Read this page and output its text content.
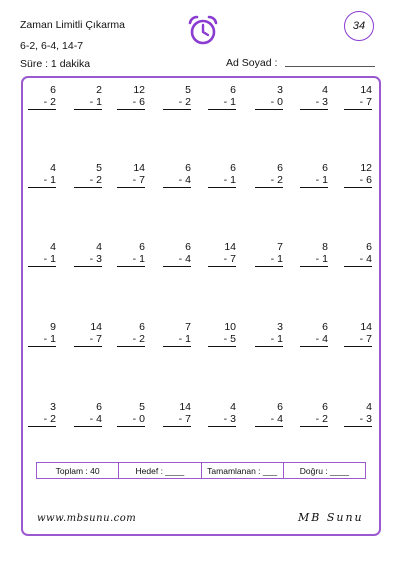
Zaman Limitli Çıkarma
6-2, 6-4, 14-7
Süre : 1 dakika
34
Ad Soyad :
6
- 2
2
- 1
12
- 6
5
- 2
6
- 1
3
- 0
4
- 3
14
- 7
4
- 1
5
- 2
14
- 7
6
- 4
6
- 1
6
- 2
6
- 1
12
- 6
4
- 1
4
- 3
6
- 1
6
- 4
14
- 7
7
- 1
8
- 1
6
- 4
9
- 1
14
- 7
6
- 2
7
- 1
10
- 5
3
- 1
6
- 4
14
- 7
3
- 2
6
- 4
5
- 0
14
- 7
4
- 3
6
- 4
6
- 2
4
- 3
Toplam : 40	Hedef : ____	Tamamlanan : ___	Doğru : ____
www.mbsunu.com	MB Sunu
